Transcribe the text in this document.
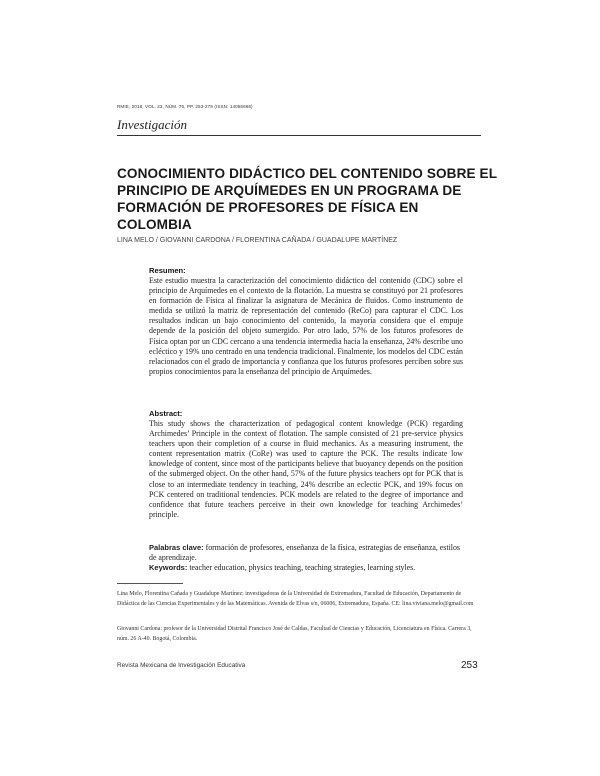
RMIE, 2018, VOL. 23, NÚM. 76, PP. 253-279 (ISSN: 14056666)
Investigación
CONOCIMIENTO DIDÁCTICO DEL CONTENIDO SOBRE EL PRINCIPIO DE ARQUÍMEDES EN UN PROGRAMA DE FORMACIÓN DE PROFESORES DE FÍSICA EN COLOMBIA
LINA MELO / GIOVANNI CARDONA / FLORENTINA CAÑADA / GUADALUPE MARTÍNEZ
Resumen:
Este estudio muestra la caracterización del conocimiento didáctico del contenido (CDC) sobre el principio de Arquímedes en el contexto de la flotación. La muestra se constituyó por 21 profesores en formación de Física al finalizar la asignatura de Mecánica de fluidos. Como instrumento de medida se utilizó la matriz de representación del contenido (ReCo) para capturar el CDC. Los resultados indican un bajo conocimiento del contenido, la mayoría considera que el empuje depende de la posición del objeto sumergido. Por otro lado, 57% de los futuros profesores de Física optan por un CDC cercano a una tendencia intermedia hacia la enseñanza, 24% describe uno ecléctico y 19% uno centrado en una tendencia tradicional. Finalmente, los modelos del CDC están relacionados con el grado de importancia y confianza que los futuros profesores perciben sobre sus propios conocimientos para la enseñanza del principio de Arquímedes.
Abstract:
This study shows the characterization of pedagogical content knowledge (PCK) regarding Archimedes’ Principle in the context of flotation. The sample consisted of 21 pre-service physics teachers upon their completion of a course in fluid mechanics. As a measuring instrument, the content representation matrix (CoRe) was used to capture the PCK. The results indicate low knowledge of content, since most of the participants believe that buoyancy depends on the position of the submerged object. On the other hand, 57% of the future physics teachers opt for PCK that is close to an intermediate tendency in teaching, 24% describe an eclectic PCK, and 19% focus on PCK centered on traditional tendencies. PCK models are related to the degree of importance and confidence that future teachers perceive in their own knowledge for teaching Archimedes’ principle.
Palabras clave: formación de profesores, enseñanza de la física, estrategias de enseñanza, estilos de aprendizaje.
Keywords: teacher education, physics teaching, teaching strategies, learning styles.
Lina Melo, Florentina Cañada y Guadalupe Martínez: investigadoras de la Universidad de Extremadura, Facultad de Educación, Departamento de Didáctica de las Ciencias Experimentales y de las Matemáticas. Avenida de Elvas s/n, 06006, Extremadura, España. CE: lina.viviana.melo@gmail.com
Giovanni Cardona: profesor de la Universidad Distrital Francisco José de Caldas, Facultad de Ciencias y Educación, Licenciatura en Física. Carrera 3, núm. 26 A-40. Bogotá, Colombia.
Revista Mexicana de Investigación Educativa	253
